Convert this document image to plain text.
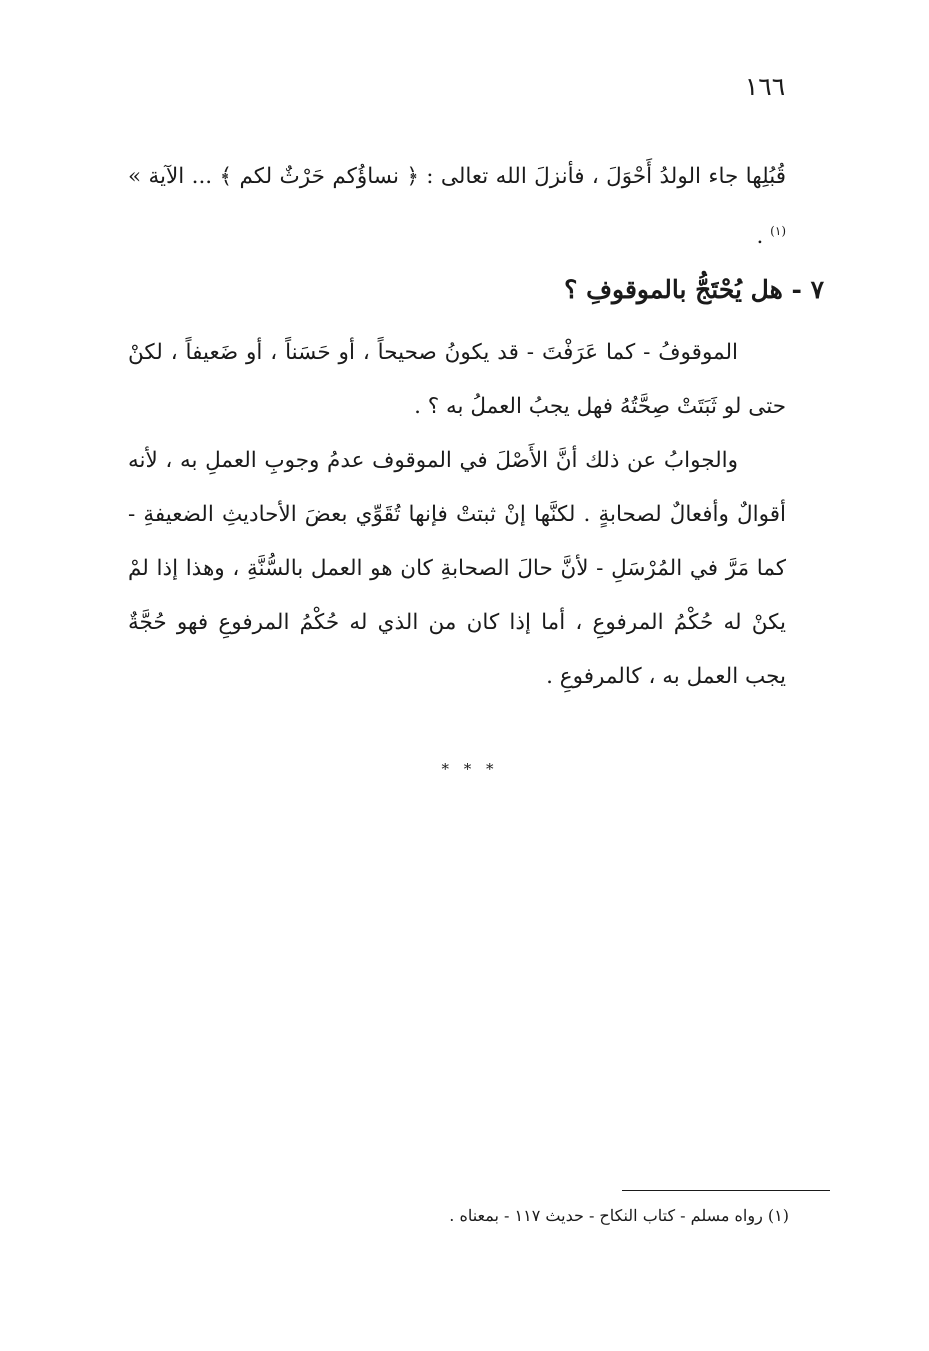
١٦٦

قُبُلِها جاء الولدُ أَحْوَلَ ، فأنزلَ الله تعالى : ﴿ نساؤُكم حَرْثٌ لكم ﴾ ... الآية » $^{(١)}$ .

٧ - هل يُحْتَجُّ بالموقوفِ ؟

الموقوفُ - كما عَرَفْتَ - قد يكونُ صحيحاً ، أو حَسَناً ، أو ضَعيفاً ، لكنْ حتى لو ثَبَتَتْ صِحَّتُهُ فهل يجبُ العملُ به ؟ .

والجوابُ عن ذلك أنَّ الأَصْلَ في الموقوف عدمُ وجوبِ العملِ به ، لأنه أقوالٌ وأفعالٌ لصحابةٍ . لكنَّها إنْ ثبتتْ فإنها تُقَوِّي بعضَ الأحاديثِ الضعيفةِ - كما مَرَّ في المُرْسَلِ - لأنَّ حالَ الصحابةِ كان هو العمل بالسُّنَّةِ ، وهذا إذا لمْ يكنْ له حُكْمُ المرفوعِ ، أما إذا كان من الذي له حُكْمُ المرفوعِ فهو حُجَّةٌ يجب العمل به ، كالمرفوعِ .

* * *
(١) رواه مسلم - كتاب النكاح - حديث ١١٧ - بمعناه .
